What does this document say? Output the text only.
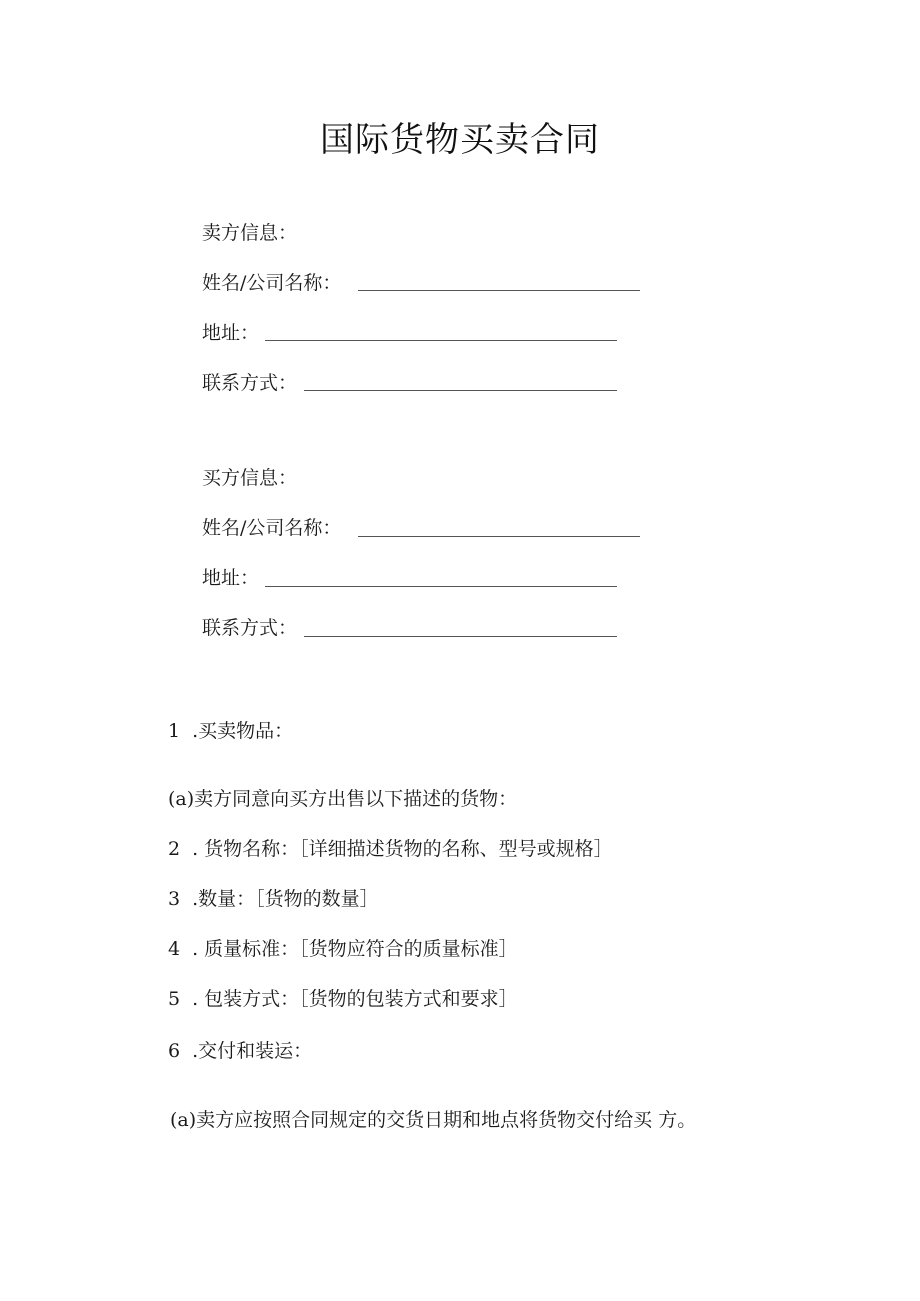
国际货物买卖合同
卖方信息：
姓名/公司名称：
地址：
联系方式：
买方信息：
姓名/公司名称：
地址：
联系方式：
1 .买卖物品：
(a)卖方同意向买方出售以下描述的货物：
2 . 货物名称：［详细描述货物的名称、型号或规格］
3 .数量：［货物的数量］
4 . 质量标准：［货物应符合的质量标准］
5 . 包装方式：［货物的包装方式和要求］
6 .交付和装运：
(a)卖方应按照合同规定的交货日期和地点将货物交付给买 方。
